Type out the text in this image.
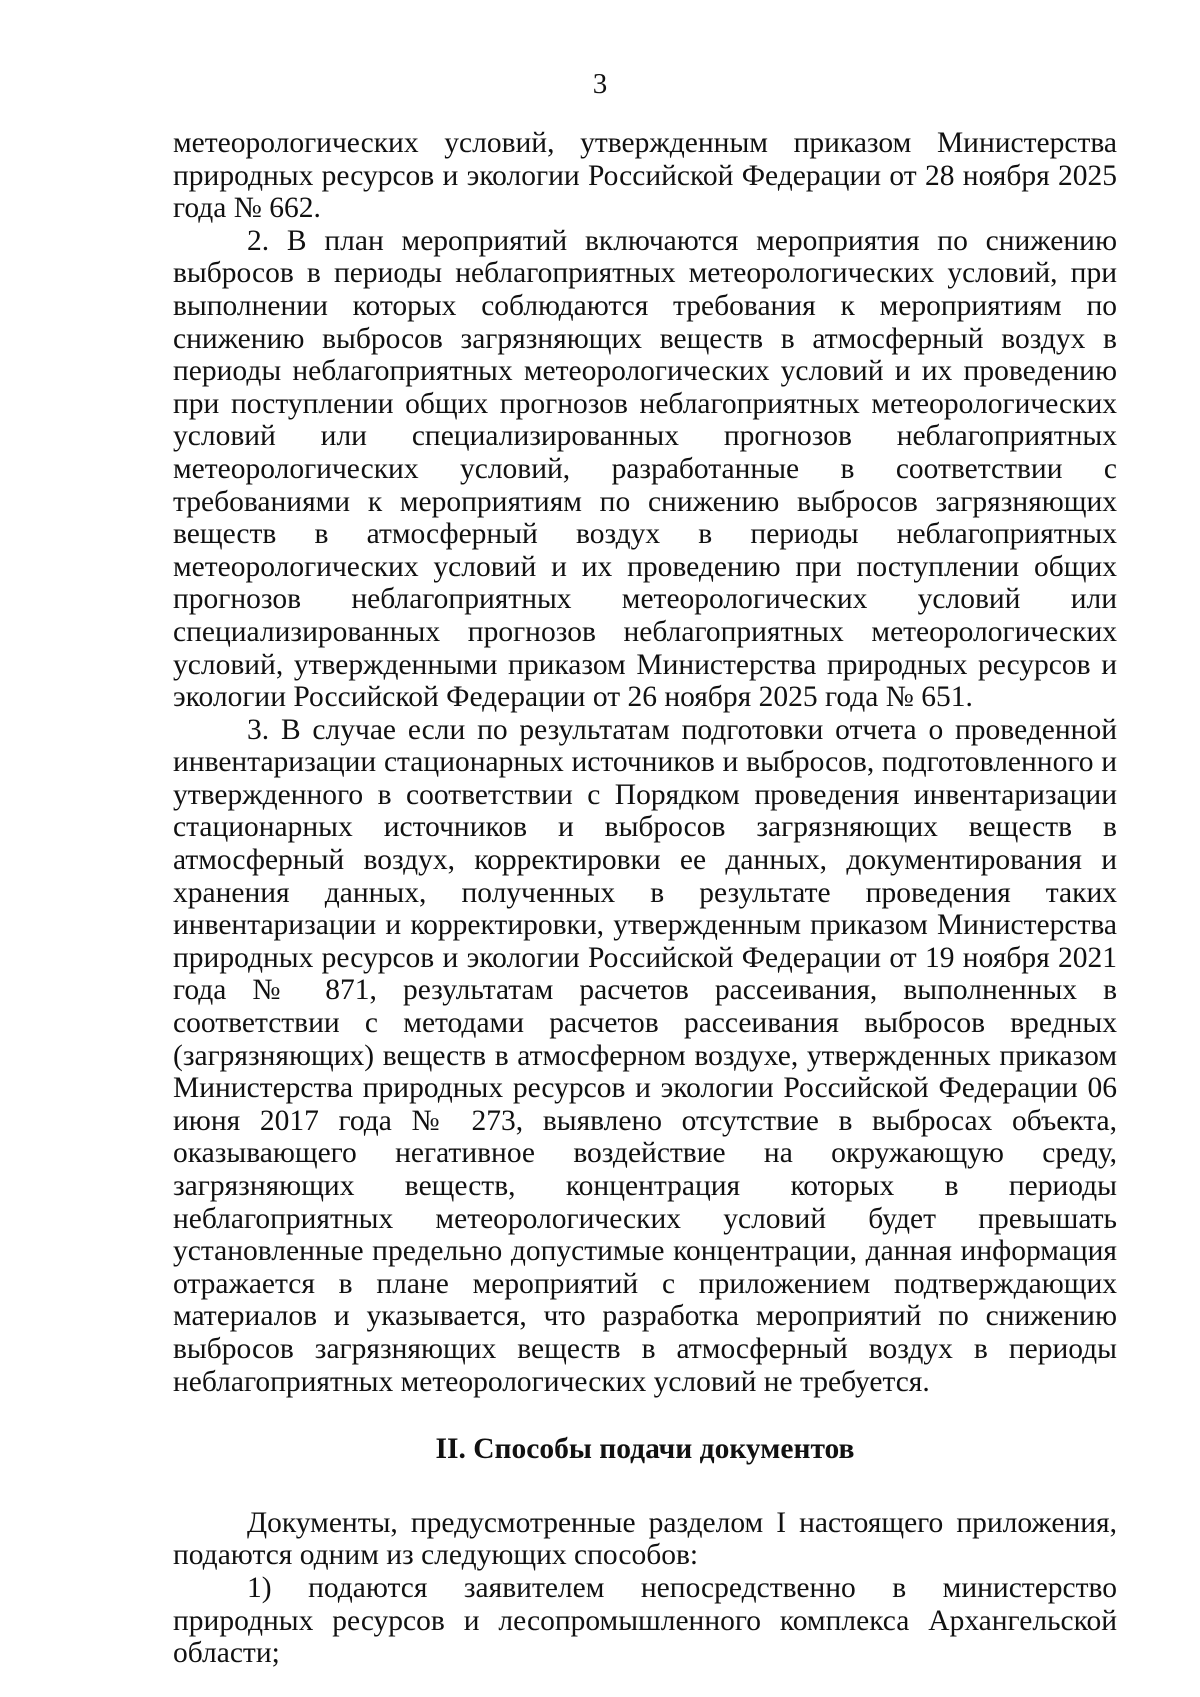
3

метеорологических условий, утвержденным приказом Министерства природных ресурсов и экологии Российской Федерации от 28 ноября 2025 года № 662.

2. В план мероприятий включаются мероприятия по снижению выбросов в периоды неблагоприятных метеорологических условий, при выполнении которых соблюдаются требования к мероприятиям по снижению выбросов загрязняющих веществ в атмосферный воздух в периоды неблагоприятных метеорологических условий и их проведению при поступлении общих прогнозов неблагоприятных метеорологических условий или специализированных прогнозов неблагоприятных метеорологических условий, разработанные в соответствии с требованиями к мероприятиям по снижению выбросов загрязняющих веществ в атмосферный воздух в периоды неблагоприятных метеорологических условий и их проведению при поступлении общих прогнозов неблагоприятных метеорологических условий или специализированных прогнозов неблагоприятных метеорологических условий, утвержденными приказом Министерства природных ресурсов и экологии Российской Федерации от 26 ноября 2025 года № 651.

3. В случае если по результатам подготовки отчета о проведенной инвентаризации стационарных источников и выбросов, подготовленного и утвержденного в соответствии с Порядком проведения инвентаризации стационарных источников и выбросов загрязняющих веществ в атмосферный воздух, корректировки ее данных, документирования и хранения данных, полученных в результате проведения таких инвентаризации и корректировки, утвержденным приказом Министерства природных ресурсов и экологии Российской Федерации от 19 ноября 2021 года № 871, результатам расчетов рассеивания, выполненных в соответствии с методами расчетов рассеивания выбросов вредных (загрязняющих) веществ в атмосферном воздухе, утвержденных приказом Министерства природных ресурсов и экологии Российской Федерации 06 июня 2017 года № 273, выявлено отсутствие в выбросах объекта, оказывающего негативное воздействие на окружающую среду, загрязняющих веществ, концентрация которых в периоды неблагоприятных метеорологических условий будет превышать установленные предельно допустимые концентрации, данная информация отражается в плане мероприятий с приложением подтверждающих материалов и указывается, что разработка мероприятий по снижению выбросов загрязняющих веществ в атмосферный воздух в периоды неблагоприятных метеорологических условий не требуется.

II. Способы подачи документов

Документы, предусмотренные разделом I настоящего приложения, подаются одним из следующих способов:

1) подаются заявителем непосредственно в министерство природных ресурсов и лесопромышленного комплекса Архангельской области;
